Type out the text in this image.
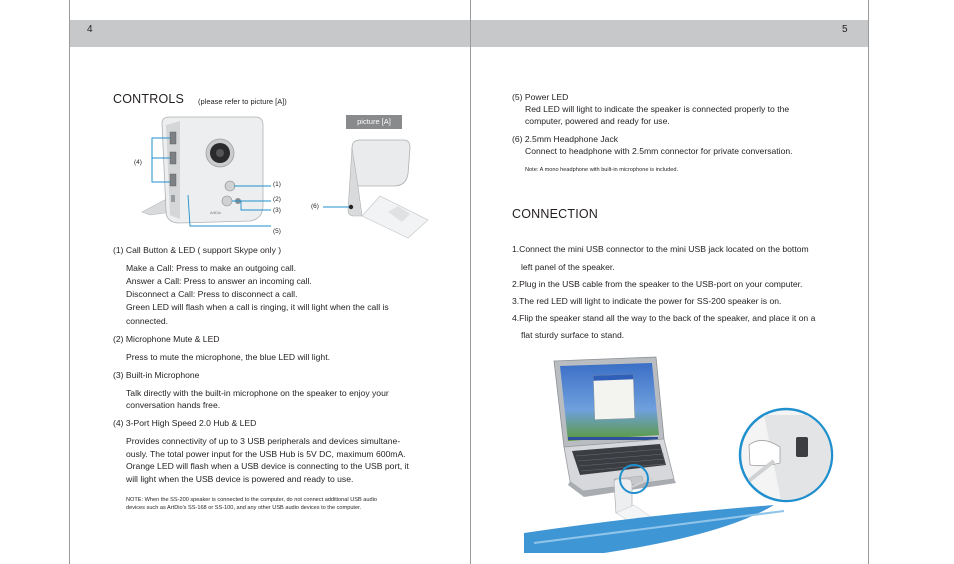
4
CONTROLS (please refer to picture [A])
ArtDio
(4)
(1)
(2)
(3)
(5)
picture [A]
(6)
(1) Call Button & LED ( support Skype only )
Make a Call: Press to make an outgoing call.
Answer a Call: Press to answer an incoming call.
Disconnect a Call: Press to disconnect a call.
Green LED will flash when a call is ringing, it will light when the call is
connected.
(2) Microphone Mute & LED
Press to mute the microphone, the blue LED will light.
(3) Built-in Microphone
Talk directly with the built-in microphone on the speaker to enjoy your
conversation hands free.
(4) 3-Port High Speed 2.0 Hub & LED
Provides connectivity of up to 3 USB peripherals and devices simultane-
ously. The total power input for the USB Hub is 5V DC, maximum 600mA.
Orange LED will flash when a USB device is connecting to the USB port, it
will light when the USB device is powered and ready to use.
NOTE: When the SS-200 speaker is connected to the computer, do not connect additional USB audio
devices such as ArtDio's SS-168 or SS-100, and any other USB audio devices to the computer.
5
(5) Power LED
Red LED will light to indicate the speaker is connected properly to the
computer, powered and ready for use.
(6) 2.5mm Headphone Jack
Connect to headphone with 2.5mm connector for private conversation.
Note: A mono headphone with built-in microphone is included.
CONNECTION
1.Connect the mini USB connector to the mini USB jack located on the bottom
left panel of the speaker.
2.Plug in the USB cable from the speaker to the USB-port on your computer.
3.The red LED will light to indicate the power for SS-200 speaker is on.
4.Flip the speaker stand all the way to the back of the speaker, and place it on a
flat sturdy surface to stand.
